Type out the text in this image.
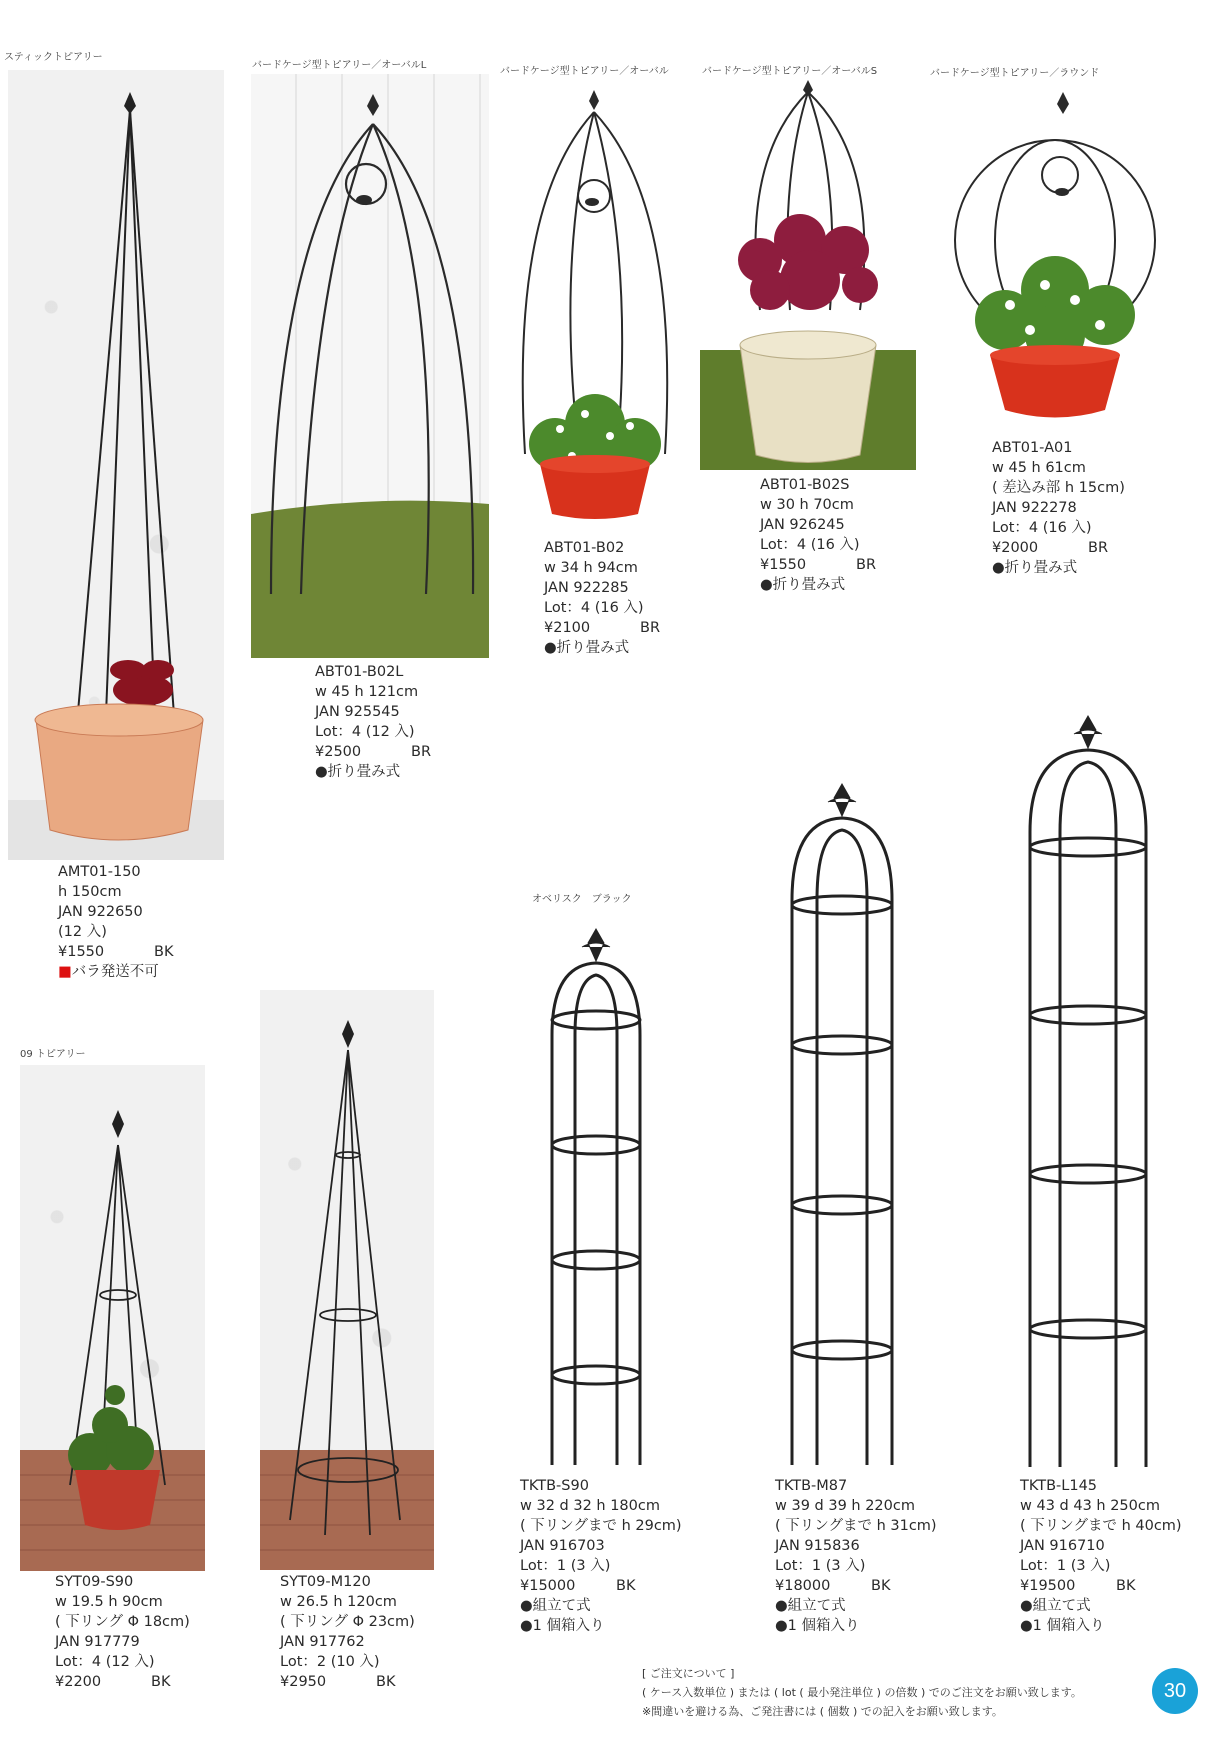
スティックトピアリー
バードケージ型トピアリー／オーバルL
バードケージ型トピアリー／オーバル	バードケージ型トピアリー／オーバルS	バードケージ型トピアリー／ラウンド
オベリスク　ブラック
09 トピアリー
AMT01-150
h 150cm
JAN 922650
(12 入)
¥1550	BK
■バラ発送不可
ABT01-B02L
w 45 h 121cm
JAN 925545
Lot：4 (12 入)
¥2500	BR
●折り畳み式
ABT01-B02
w 34 h 94cm
JAN 922285
Lot：4 (16 入)
¥2100	BR
●折り畳み式
ABT01-B02S
w 30 h 70cm
JAN 926245
Lot：4 (16 入)
¥1550	BR
●折り畳み式
ABT01-A01
w 45 h 61cm
( 差込み部 h 15cm)
JAN 922278
Lot：4 (16 入)
¥2000	BR
●折り畳み式
SYT09-S90
w 19.5 h 90cm
( 下リング Φ 18cm)
JAN 917779
Lot：4 (12 入)
¥2200	BK
SYT09-M120
w 26.5 h 120cm
( 下リング Φ 23cm)
JAN 917762
Lot：2 (10 入)
¥2950	BK
TKTB-S90
w 32 d 32 h 180cm
( 下リングまで h 29cm)
JAN 916703
Lot：1 (3 入)
¥15000	BK
●組立て式
●1 個箱入り
TKTB-M87
w 39 d 39 h 220cm
( 下リングまで h 31cm)
JAN 915836
Lot：1 (3 入)
¥18000	BK
●組立て式
●1 個箱入り
TKTB-L145
w 43 d 43 h 250cm
( 下リングまで h 40cm)
JAN 916710
Lot：1 (3 入)
¥19500	BK
●組立て式
●1 個箱入り
[ ご注文について ]
( ケース入数単位 ) または ( lot ( 最小発注単位 ) の倍数 ) でのご注文をお願い致します。
※間違いを避ける為、ご発注書には ( 個数 ) での記入をお願い致します。
30
